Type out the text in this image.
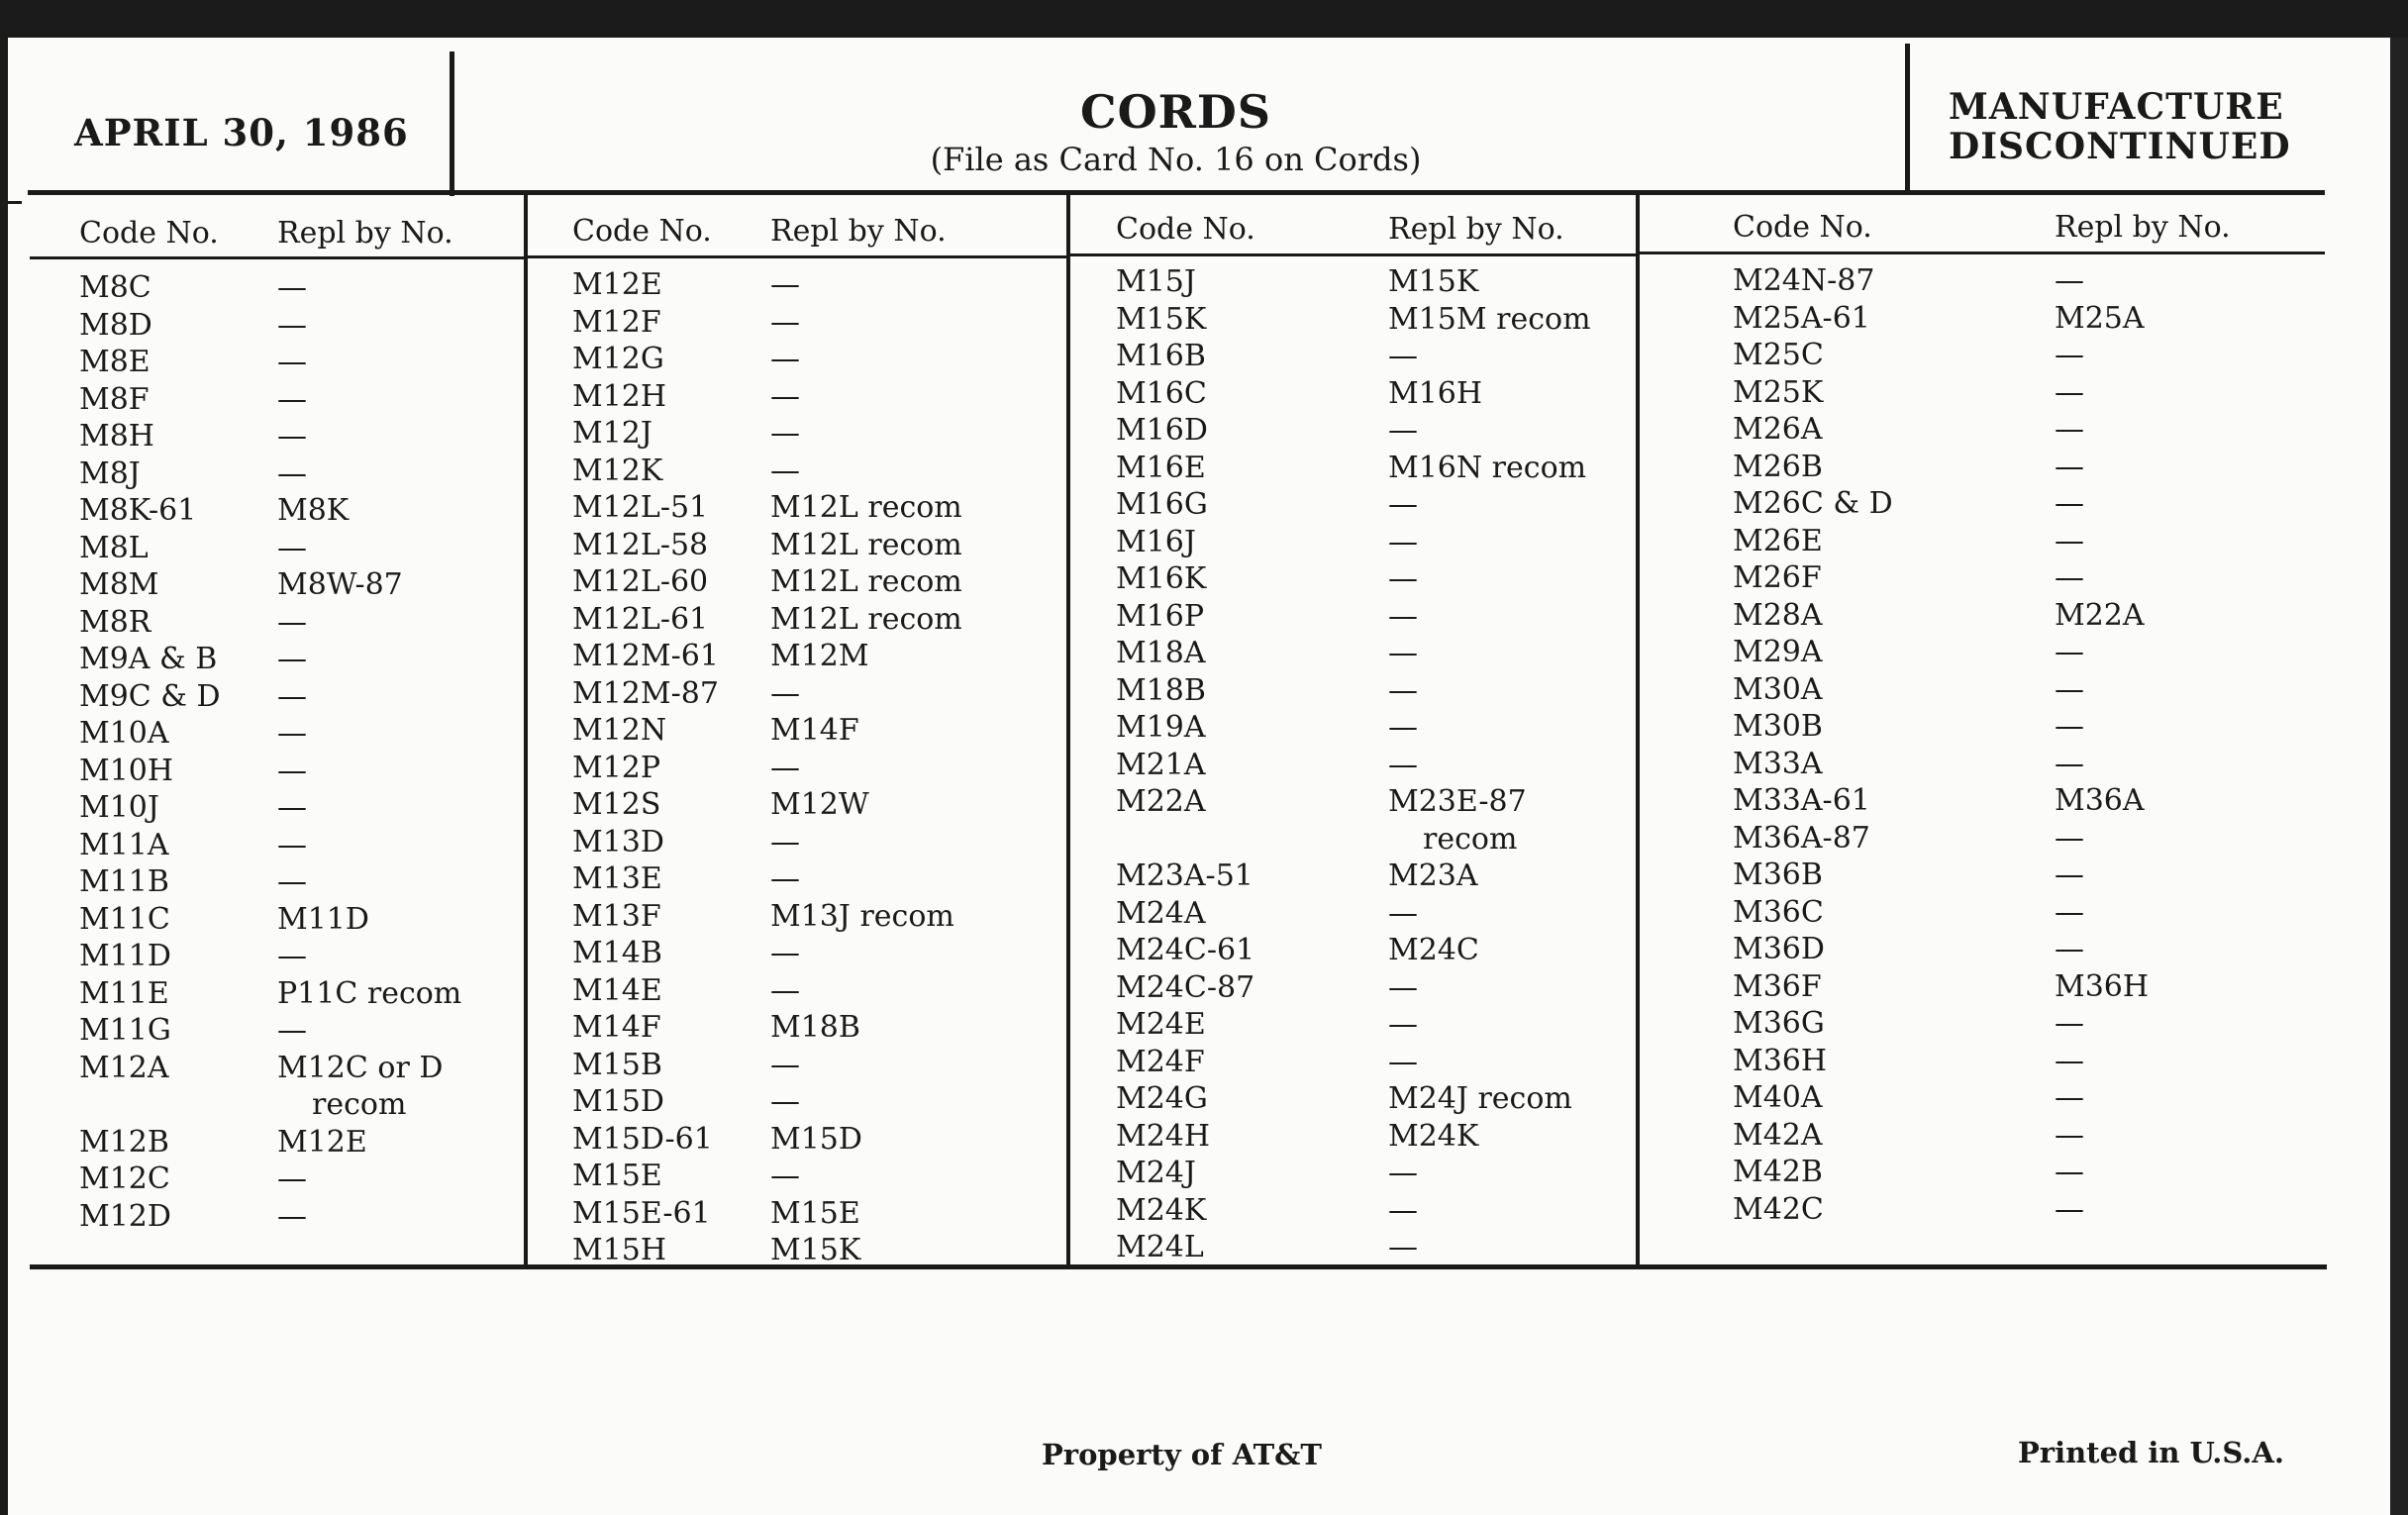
APRIL 30, 1986	CORDS
(File as Card No. 16 on Cords)
MANUFACTURE
DISCONTINUED
Code No. Repl by No.	Code No. Repl by No.	Code No.	Repl by No.	Code No.	Repl by No.
M8C	—
M8D	—
M8E	—
M8F	—
M8H	—
M8J	—
M8K-61	M8K
M8L	—
M8M	M8W-87
M8R	—
M9A & B —
M9C & D —
M10A	—
M10H	—
M10J	—
M11A	—
M11B	—
M11C	M11D
M11D	—
M11E	P11C recom
M11G	—
M12A	M12C or D
recom
M12B	M12E
M12C	—
M12D	—
M12E	—
M12F	—
M12G	—
M12H	—
M12J	—
M12K	—
M12L-51 M12L recom
M12L-58 M12L recom
M12L-60 M12L recom
M12L-61 M12L recom
M12M-61 M12M
M12M-87 —
M12N	M14F
M12P	—
M12S	M12W
M13D	—
M13E	—
M13F	M13J recom
M14B	—
M14E	—
M14F	M18B
M15B	—
M15D	—
M15D-61 M15D
M15E	—
M15E-61 M15E
M15H	M15K
M15J	M15K
M15K	M15M recom
M16B	—
M16C	M16H
M16D	—
M16E	M16N recom
M16G	—
M16J	—
M16K	—
M16P	—
M18A	—
M18B	—
M19A	—
M21A	—
M22A	M23E-87
recom
M23A-51	M23A
M24A	—
M24C-61	M24C
M24C-87	—
M24E	—
M24F	—
M24G	M24J recom
M24H	M24K
M24J	—
M24K	—
M24L	—
M24N-87	—
M25A-61	M25A
M25C	—
M25K	—
M26A	—
M26B	—
M26C & D	—
M26E	—
M26F	—
M28A	M22A
M29A	—
M30A	—
M30B	—
M33A	—
M33A-61	M36A
M36A-87	—
M36B	—
M36C	—
M36D	—
M36F	M36H
M36G	—
M36H	—
M40A	—
M42A	—
M42B	—
M42C	—
Property of AT&T	Printed in U.S.A.
